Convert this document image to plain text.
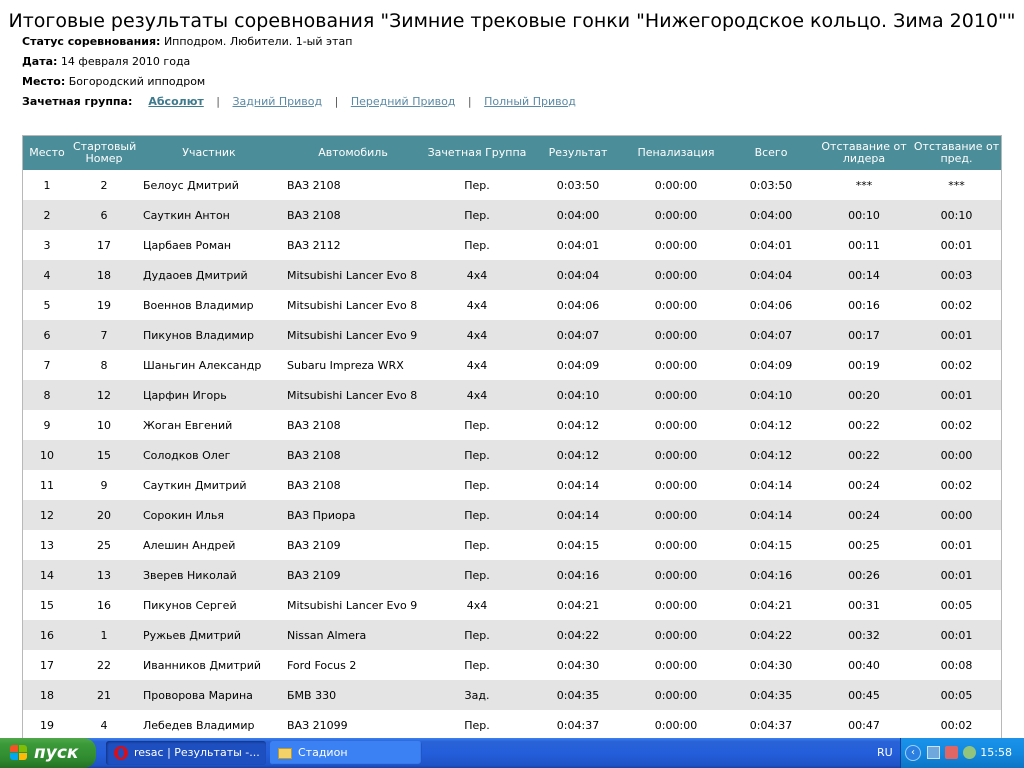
Итоговые результаты соревнования "Зимние трековые гонки "Нижегородское кольцо. Зима 2010""
Статус соревнования: Ипподром. Любители. 1-ый этап
Дата: 14 февраля 2010 года
Место: Богородский ипподром
Зачетная группа: Абсолют | Задний Привод | Передний Привод | Полный Привод
Место	Стартовый Номер	Участник	Автомобиль	Зачетная Группа	Результат	Пенализация	Всего	Отставание от лидера	Отставание от пред.
1	2	Белоус Дмитрий	ВАЗ 2108	Пер.	0:03:50	0:00:00	0:03:50	***	***
2	6	Сауткин Антон	ВАЗ 2108	Пер.	0:04:00	0:00:00	0:04:00	00:10	00:10
3	17	Царбаев Роман	ВАЗ 2112	Пер.	0:04:01	0:00:00	0:04:01	00:11	00:01
4	18	Дудаоев Дмитрий	Mitsubishi Lancer Evo 8	4x4	0:04:04	0:00:00	0:04:04	00:14	00:03
5	19	Военнов Владимир	Mitsubishi Lancer Evo 8	4x4	0:04:06	0:00:00	0:04:06	00:16	00:02
6	7	Пикунов Владимир	Mitsubishi Lancer Evo 9	4x4	0:04:07	0:00:00	0:04:07	00:17	00:01
7	8	Шаньгин Александр	Subaru Impreza WRX	4x4	0:04:09	0:00:00	0:04:09	00:19	00:02
8	12	Царфин Игорь	Mitsubishi Lancer Evo 8	4x4	0:04:10	0:00:00	0:04:10	00:20	00:01
9	10	Жоган Евгений	ВАЗ 2108	Пер.	0:04:12	0:00:00	0:04:12	00:22	00:02
10	15	Солодков Олег	ВАЗ 2108	Пер.	0:04:12	0:00:00	0:04:12	00:22	00:00
11	9	Сауткин Дмитрий	ВАЗ 2108	Пер.	0:04:14	0:00:00	0:04:14	00:24	00:02
12	20	Сорокин Илья	ВАЗ Приора	Пер.	0:04:14	0:00:00	0:04:14	00:24	00:00
13	25	Алешин Андрей	ВАЗ 2109	Пер.	0:04:15	0:00:00	0:04:15	00:25	00:01
14	13	Зверев Николай	ВАЗ 2109	Пер.	0:04:16	0:00:00	0:04:16	00:26	00:01
15	16	Пикунов Сергей	Mitsubishi Lancer Evo 9	4x4	0:04:21	0:00:00	0:04:21	00:31	00:05
16	1	Ружьев Дмитрий	Nissan Almera	Пер.	0:04:22	0:00:00	0:04:22	00:32	00:01
17	22	Иванников Дмитрий	Ford Focus 2	Пер.	0:04:30	0:00:00	0:04:30	00:40	00:08
18	21	Проворова Марина	БМВ 330	Зад.	0:04:35	0:00:00	0:04:35	00:45	00:05
19	4	Лебедев Владимир	ВАЗ 21099	Пер.	0:04:37	0:00:00	0:04:37	00:47	00:02
пуск	resac | Результаты -...	Стадион	RU	‹	15:58
